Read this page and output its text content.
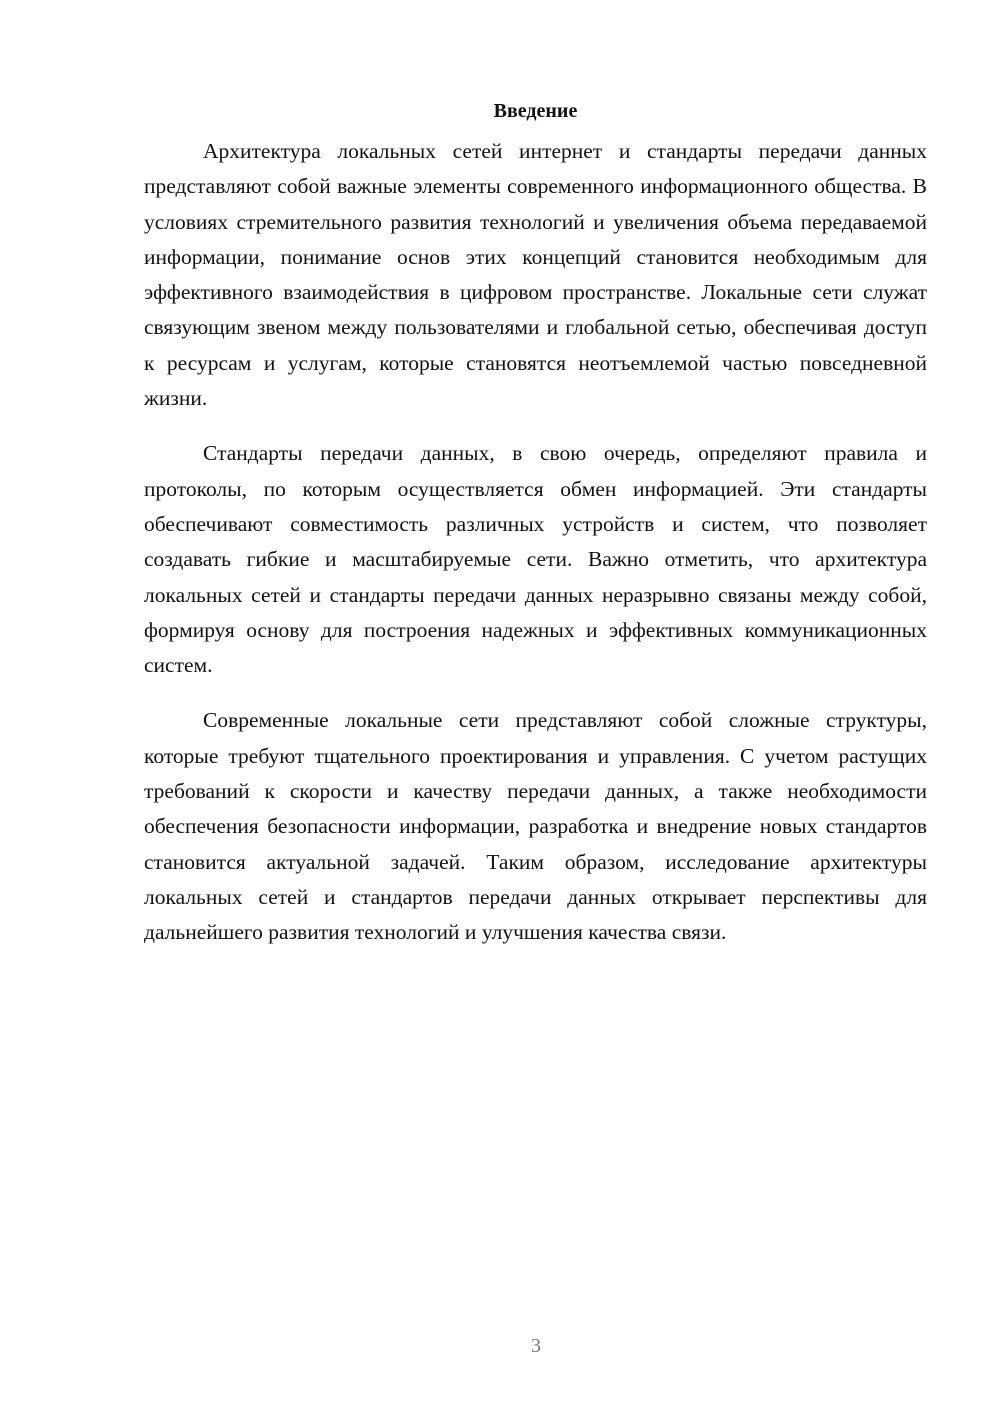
Введение

Архитектура локальных сетей интернет и стандарты передачи данных представляют собой важные элементы современного информационного общества. В условиях стремительного развития технологий и увеличения объема передаваемой информации, понимание основ этих концепций становится необходимым для эффективного взаимодействия в цифровом пространстве. Локальные сети служат связующим звеном между пользователями и глобальной сетью, обеспечивая доступ к ресурсам и услугам, которые становятся неотъемлемой частью повседневной жизни.

Стандарты передачи данных, в свою очередь, определяют правила и протоколы, по которым осуществляется обмен информацией. Эти стандарты обеспечивают совместимость различных устройств и систем, что позволяет создавать гибкие и масштабируемые сети. Важно отметить, что архитектура локальных сетей и стандарты передачи данных неразрывно связаны между собой, формируя основу для построения надежных и эффективных коммуникационных систем.

Современные локальные сети представляют собой сложные структуры, которые требуют тщательного проектирования и управления. С учетом растущих требований к скорости и качеству передачи данных, а также необходимости обеспечения безопасности информации, разработка и внедрение новых стандартов становится актуальной задачей. Таким образом, исследование архитектуры локальных сетей и стандартов передачи данных открывает перспективы для дальнейшего развития технологий и улучшения качества связи.

3
